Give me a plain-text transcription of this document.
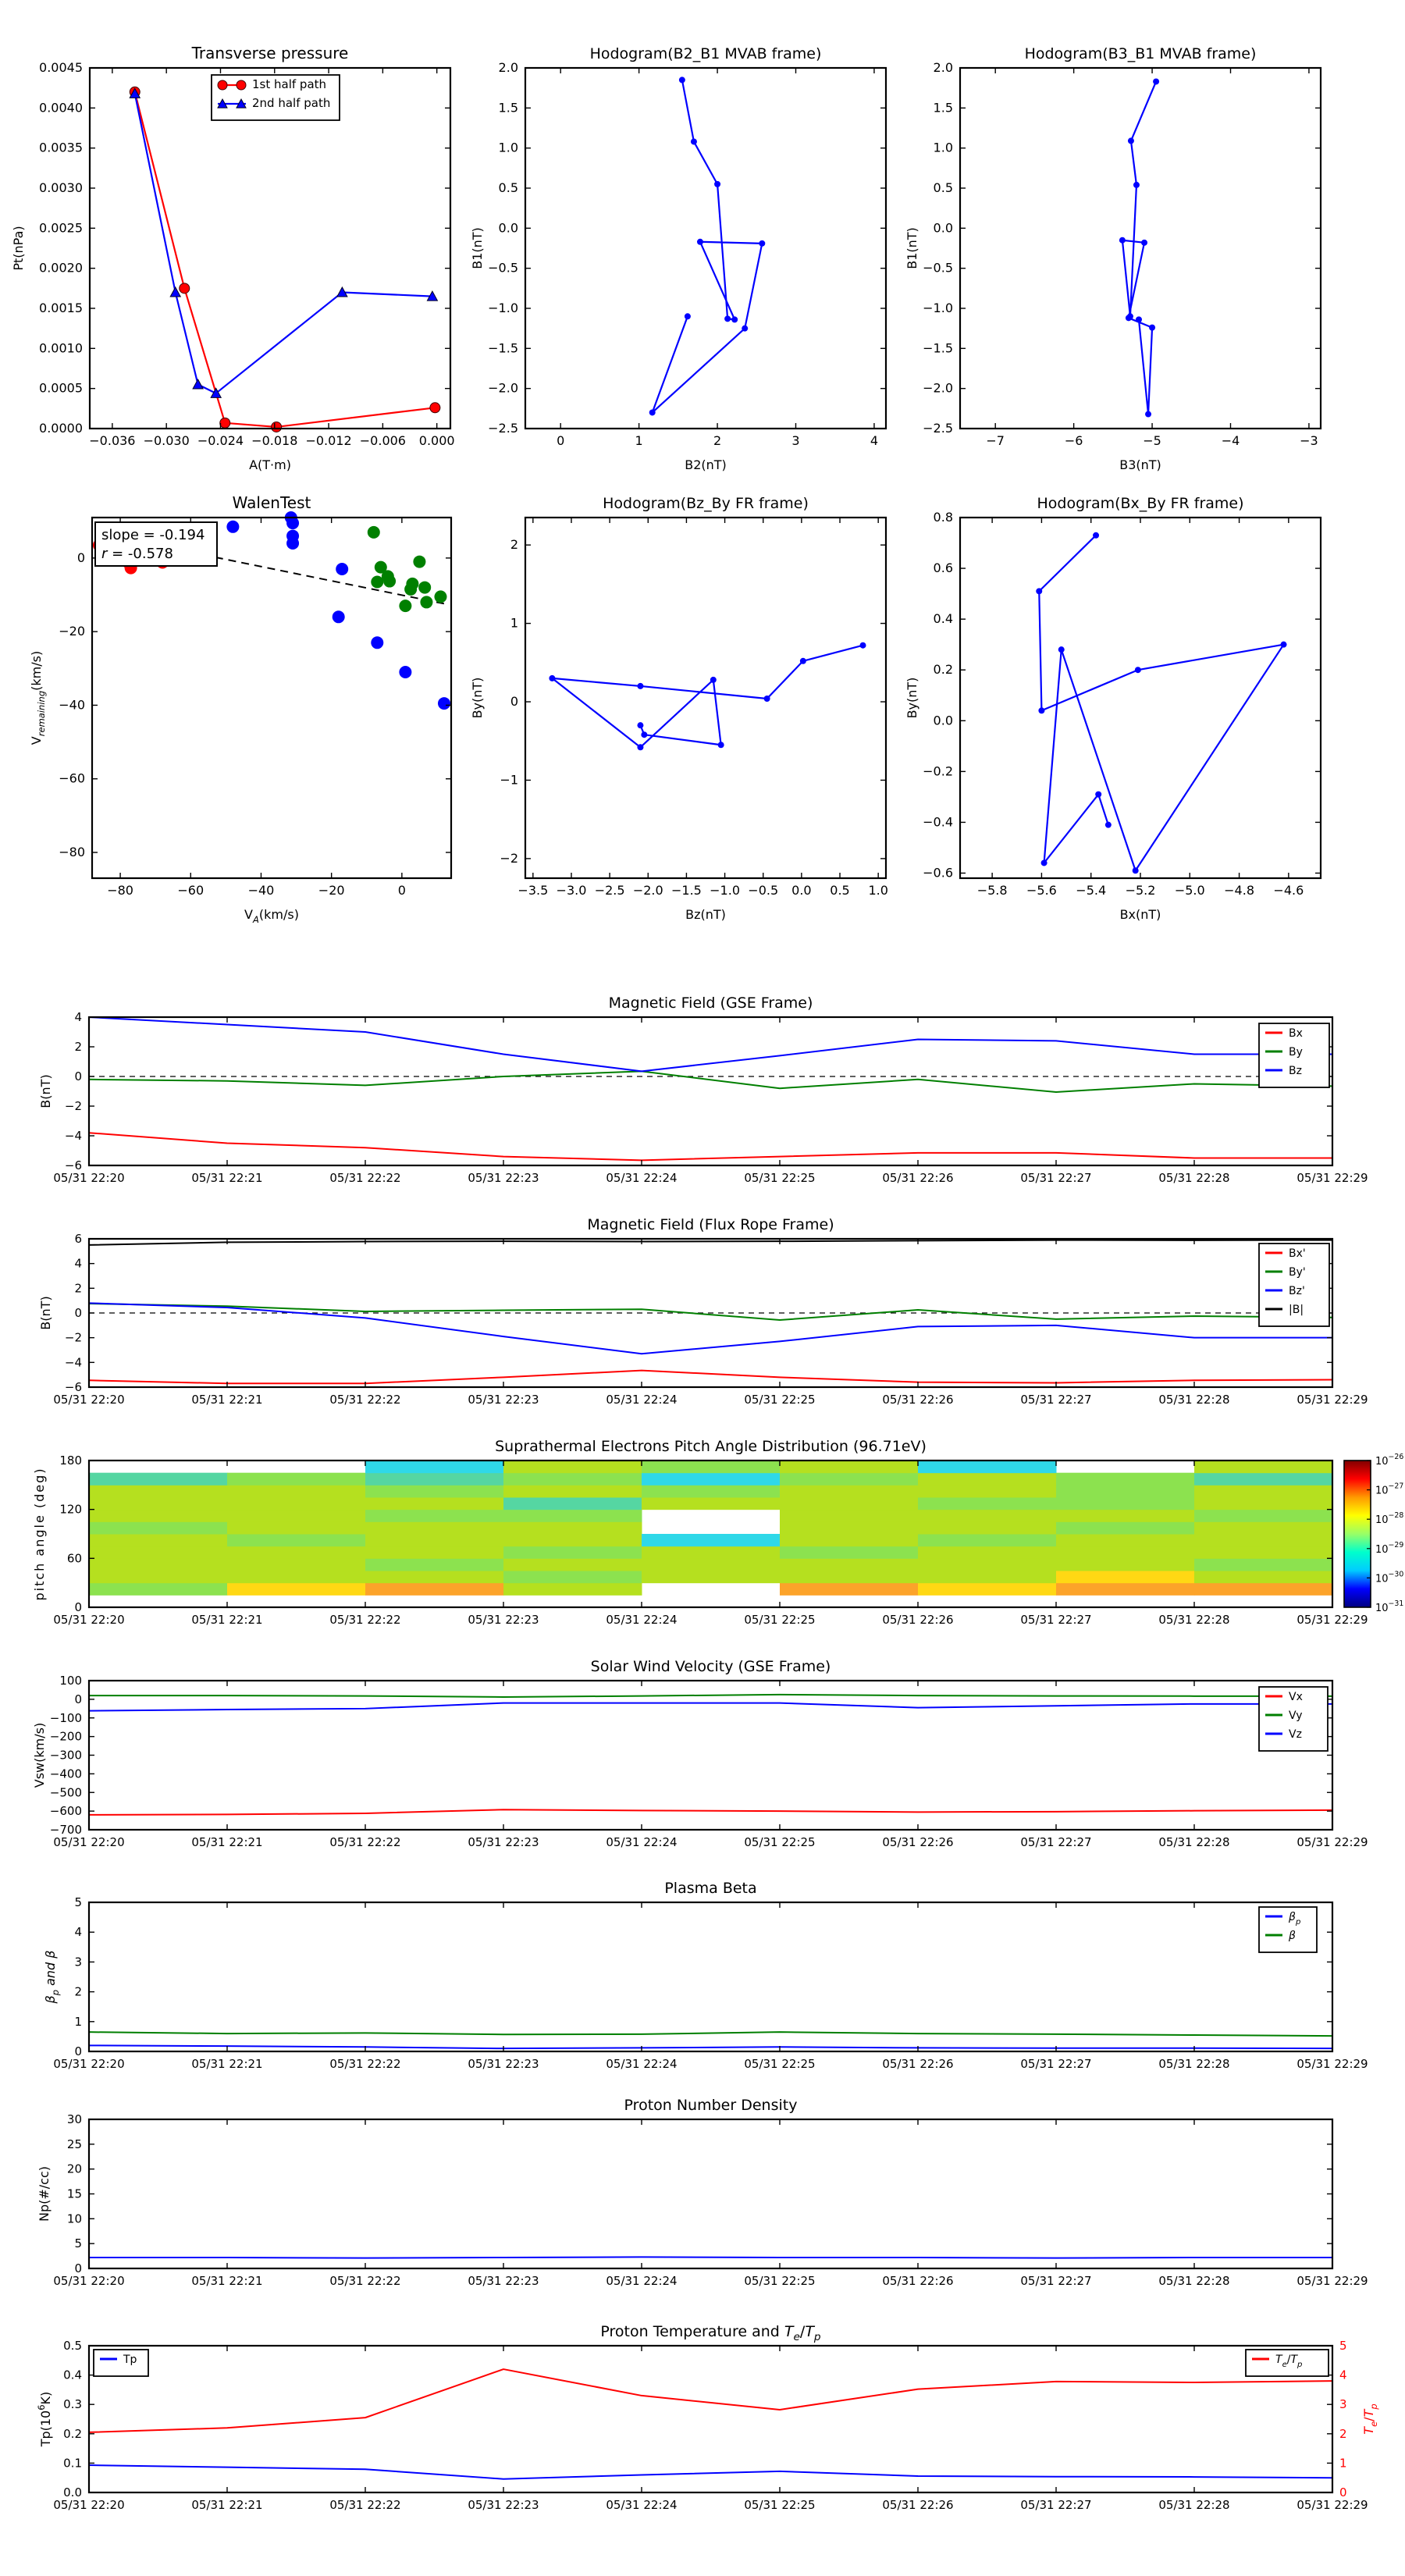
−0.036 −0.030 −0.024 −0.018 −0.012 −0.006 0.000
0.0000
0.0005
0.0010
0.0015
0.0020
0.0025
0.0030
0.0035
0.0040
0.0045
Transverse pressure
A(T·m)
Pt(nPa)
1st half path
2nd half path
0	1	2	3	4
2.0
1.5
1.0
0.5
0.0
−0.5
−1.0
−1.5
−2.0
−2.5
Hodogram(B2_B1 MVAB frame)
B2(nT)
B1(nT)
−7	−6	−5	−4	−3
2.0
1.5
1.0
0.5
0.0
−0.5
−1.0
−1.5
−2.0
−2.5
Hodogram(B3_B1 MVAB frame)
B3(nT)
B1(nT)
−80	−60	−40	−20	0
0
−20
−40
−60
−80
WalenTest
$V_A(km/s)$
$V_{remaining}(km/s)$
slope = -0.194
r = -0.578
−3.5 −3.0 −2.5 −2.0 −1.5 −1.0 −0.5 0.0 0.5 1.0
2
1
0
−1
−2
Hodogram(Bz_By FR frame)
Bz(nT)
By(nT)
−5.8 −5.6 −5.4 −5.2 −5.0 −4.8 −4.6
0.8
0.6
0.4
0.2
0.0
−0.2
−0.4
−0.6
Hodogram(Bx_By FR frame)
Bx(nT)
By(nT)
05/31 22:20	05/31 22:21	05/31 22:22	05/31 22:23	05/31 22:24	05/31 22:25	05/31 22:26	05/31 22:27	05/31 22:28	05/31 22:29
4
2
0
−2
−4
−6
Magnetic Field (GSE Frame)
B(nT)
Bx
By
Bz
05/31 22:20	05/31 22:21	05/31 22:22	05/31 22:23	05/31 22:24	05/31 22:25	05/31 22:26	05/31 22:27	05/31 22:28	05/31 22:29
6
4
2
0
−2
−4
−6
Magnetic Field (Flux Rope Frame)
B(nT)
Bx'
By'
Bz'
|B|
05/31 22:20	05/31 22:21	05/31 22:22	05/31 22:23	05/31 22:24	05/31 22:25	05/31 22:26	05/31 22:27	05/31 22:28	05/31 22:29
0
60
120
180
Suprathermal Electrons Pitch Angle Distribution (96.71eV)
pitch angle (deg)
$10^{-26}$
$10^{-27}$
$10^{-28}$
$10^{-29}$
$10^{-30}$
$10^{-31}$
05/31 22:20	05/31 22:21	05/31 22:22	05/31 22:23	05/31 22:24	05/31 22:25	05/31 22:26	05/31 22:27	05/31 22:28	05/31 22:29
100
0
−100
−200
−300
−400
−500
−600
−700
Solar Wind Velocity (GSE Frame)
Vsw(km/s)
Vx
Vy
Vz
05/31 22:20	05/31 22:21	05/31 22:22	05/31 22:23	05/31 22:24	05/31 22:25	05/31 22:26	05/31 22:27	05/31 22:28	05/31 22:29
0
1
2
3
4
5
Plasma Beta
$\beta_p$ and β
$\beta_p$
β
05/31 22:20	05/31 22:21	05/31 22:22	05/31 22:23	05/31 22:24	05/31 22:25	05/31 22:26	05/31 22:27	05/31 22:28	05/31 22:29
0
5
10
15
20
25
30
Proton Number Density
Np(#/cc)
05/31 22:20	05/31 22:21	05/31 22:22	05/31 22:23	05/31 22:24	05/31 22:25	05/31 22:26	05/31 22:27	05/31 22:28	05/31 22:29
0.0
0.1
0.2
0.3
0.4
0.5
0
1
2
3
4
5
$T_e/T_p$
Proton Temperature and $T_e/T_p$
$Tp(10^6K)$
Tp	$T_e/T_p$
